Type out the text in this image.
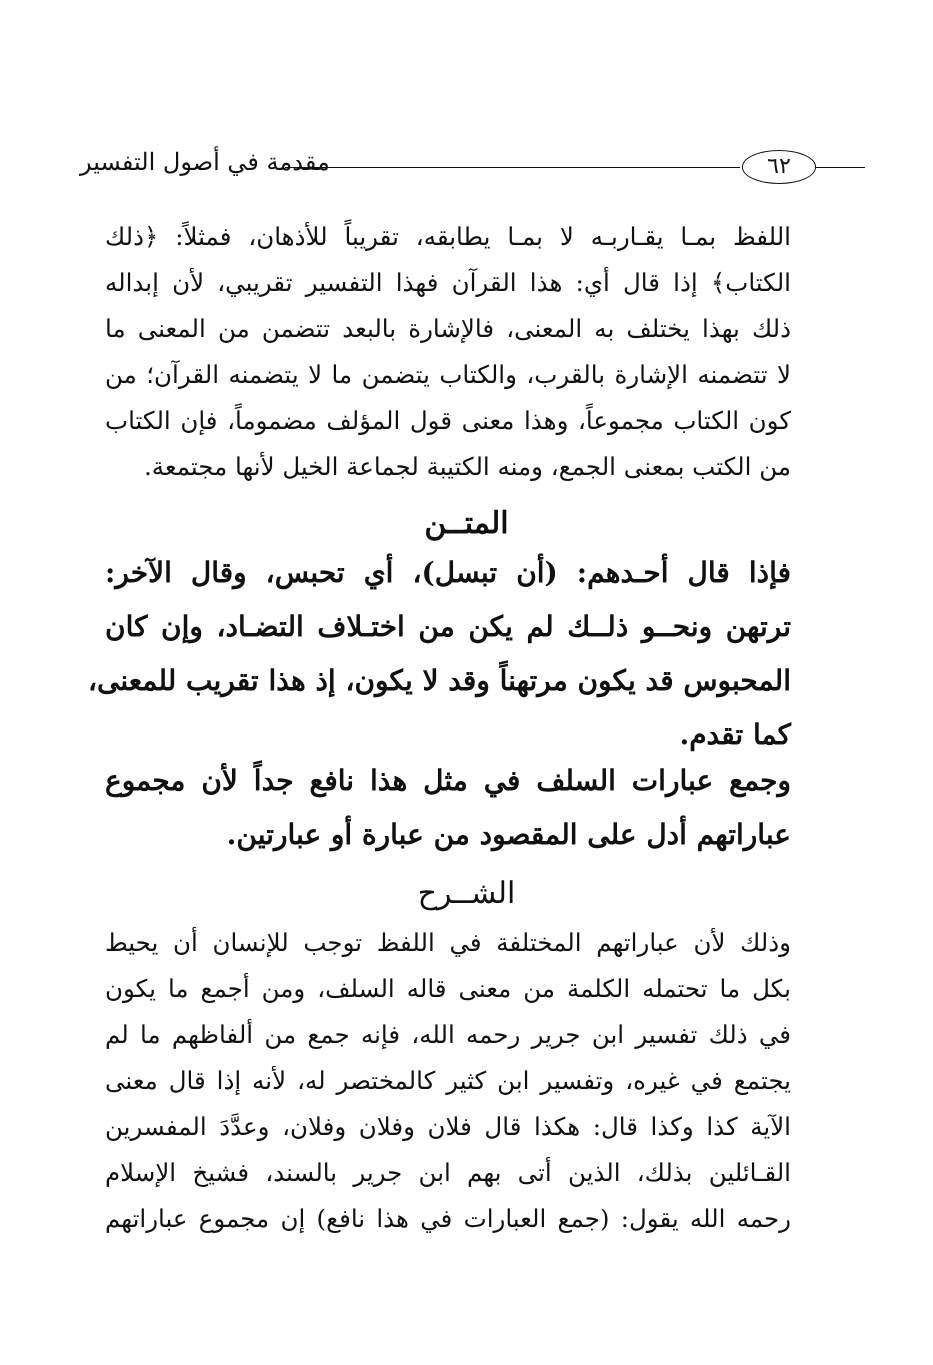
مقدمة في أصول التفسير	٦٢
اللفظ بمـا يقـاربـه لا بمـا يطابقه، تقريباً للأذهان، فمثلاً: ﴿ذلك
الكتاب﴾ إذا قال أي: هذا القرآن فهذا التفسير تقريبي، لأن إبداله
ذلك بهذا يختلف به المعنى، فالإشارة بالبعد تتضمن من المعنى ما
لا تتضمنه الإشارة بالقرب، والكتاب يتضمن ما لا يتضمنه القرآن؛ من
كون الكتاب مجموعاً، وهذا معنى قول المؤلف مضموماً، فإن الكتاب
من الكتب بمعنى الجمع، ومنه الكتيبة لجماعة الخيل لأنها مجتمعة.
المتــن
فإذا قال أحـدهم: (أن تبسل)، أي تحبس، وقال الآخر:
ترتهن ونحــو ذلــك لم يكن من اختـلاف التضـاد، وإن كان
المحبوس قد يكون مرتهناً وقد لا يكون، إذ هذا تقريب للمعنى،
كما تقدم.
وجمع عبارات السلف في مثل هذا نافع جداً لأن مجموع
عباراتهم أدل على المقصود من عبارة أو عبارتين.
الشــرح
وذلك لأن عباراتهم المختلفة في اللفظ توجب للإنسان أن يحيط
بكل ما تحتمله الكلمة من معنى قاله السلف، ومن أجمع ما يكون
في ذلك تفسير ابن جرير رحمه الله، فإنه جمع من ألفاظهم ما لم
يجتمع في غيره، وتفسير ابن كثير كالمختصر له، لأنه إذا قال معنى
الآية كذا وكذا قال: هكذا قال فلان وفلان وفلان، وعدَّدَ المفسرين
القـائلين بذلك، الذين أتى بهم ابن جرير بالسند، فشيخ الإسلام
رحمه الله يقول: (جمع العبارات في هذا نافع) إن مجموع عباراتهم
